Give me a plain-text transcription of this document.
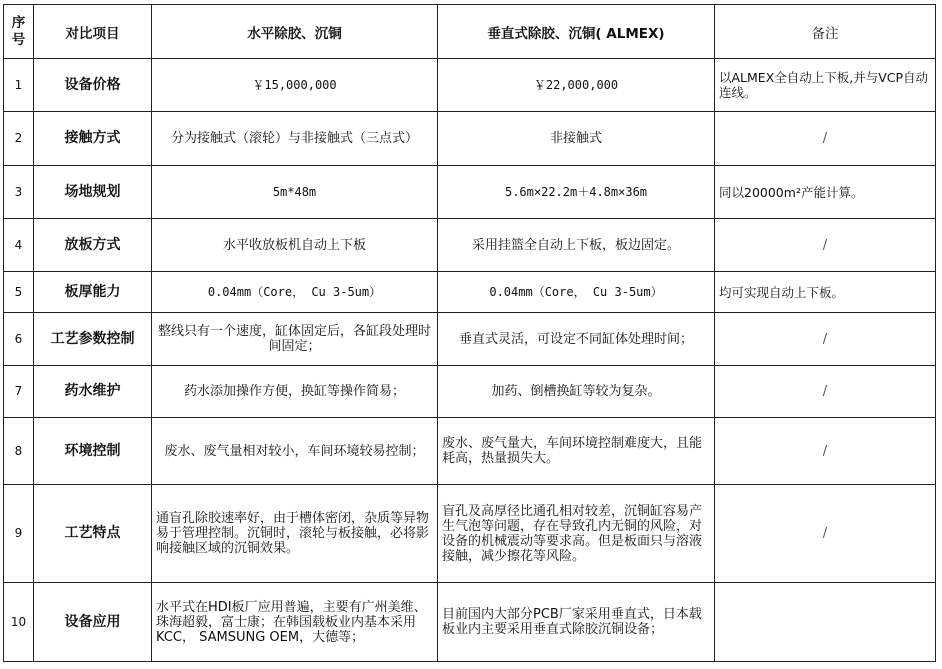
序号	对比项目	水平除胶、沉铜	垂直式除胶、沉铜( ALMEX)	备注
1	设备价格	￥15,000,000	￥22,000,000	以ALMEX全自动上下板,并与VCP自动连线。
2	接触方式	分为接触式（滚轮）与非接触式（三点式）	非接触式	/
3	场地规划	5m*48m	5.6m×22.2m＋4.8m×36m	同以20000m²产能计算。
4	放板方式	水平收放板机自动上下板	采用挂篮全自动上下板，板边固定。	/
5	板厚能力	0.04mm（Core， Cu 3-5um）	0.04mm（Core， Cu 3-5um）	均可实现自动上下板。
6	工艺参数控制	整线只有一个速度，缸体固定后，各缸段处理时间固定；	垂直式灵活，可设定不同缸体处理时间；	/
7	药水维护	药水添加操作方便，换缸等操作简易；	加药、倒槽换缸等较为复杂。	/
8	环境控制	废水、废气量相对较小，车间环境较易控制；	废水、废气量大，车间环境控制难度大，且能耗高，热量损失大。	/
9	工艺特点	通盲孔除胶速率好，由于槽体密闭，杂质等异物易于管理控制。沉铜时，滚轮与板接触，必将影响接触区域的沉铜效果。	盲孔及高厚径比通孔相对较差，沉铜缸容易产生气泡等问题，存在导致孔内无铜的风险，对设备的机械震动等要求高。但是板面只与溶液接触，减少擦花等风险。	/
10	设备应用	水平式在HDI板厂应用普遍，主要有广州美维、珠海超毅，富士康；在韩国载板业内基本采用KCC， SAMSUNG OEM，大德等；	目前国内大部分PCB厂家采用垂直式，日本载板业内主要采用垂直式除胶沉铜设备；	
